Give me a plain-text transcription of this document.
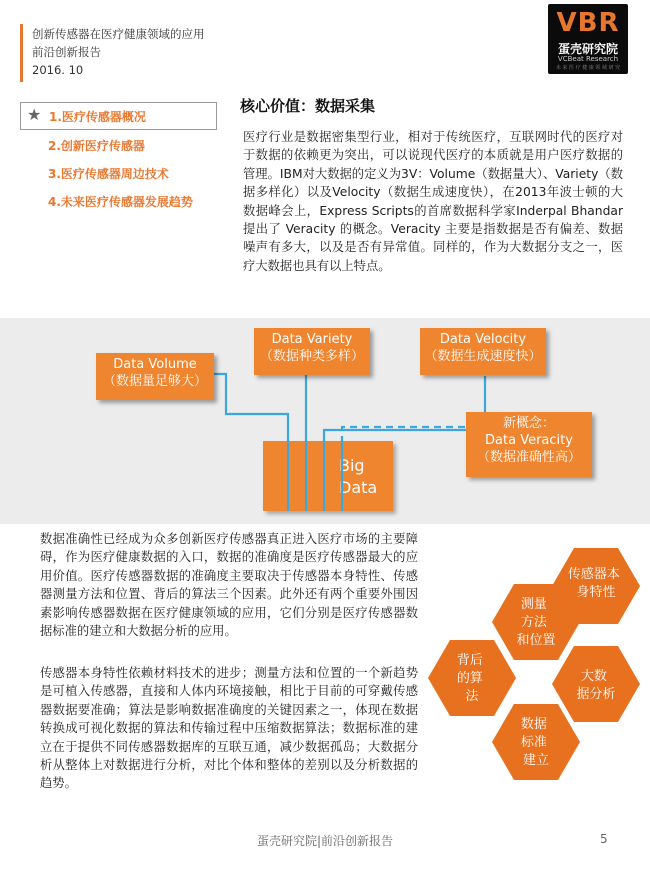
创新传感器在医疗健康领域的应用
前沿创新报告
2016. 10
VBR
蛋壳研究院
VCBeat Research
未 来 医 疗 健 康 领 域 研 究
★ 1.医疗传感器概况
2.创新医疗传感器
3.医疗传感器周边技术
4.未来医疗传感器发展趋势
核心价值：数据采集
医疗行业是数据密集型行业，相对于传统医疗，互联网时代的医疗对于数据的依赖更为突出，可以说现代医疗的本质就是用户医疗数据的管理。IBM对大数据的定义为3V：Volume（数据量大）、Variety（数据多样化）以及Velocity（数据生成速度快），在2013年波士顿的大数据峰会上，Express Scripts的首席数据科学家Inderpal Bhandar 提出了 Veracity 的概念。Veracity 主要是指数据是否有偏差、数据噪声有多大，以及是否有异常值。同样的，作为大数据分支之一，医疗大数据也具有以上特点。
Big
Data
Data Volume
（数据量足够大）
Data Variety
（数据种类多样）
Data Velocity
（数据生成速度快）
新概念：
Data Veracity
（数据准确性高）
数据准确性已经成为众多创新医疗传感器真正进入医疗市场的主要障碍，作为医疗健康数据的入口，数据的准确度是医疗传感器最大的应用价值。医疗传感器数据的准确度主要取决于传感器本身特性、传感器测量方法和位置、背后的算法三个因素。此外还有两个重要外围因素影响传感器数据在医疗健康领域的应用，它们分别是医疗传感器数据标准的建立和大数据分析的应用。
传感器本身特性依赖材料技术的进步；测量方法和位置的一个新趋势是可植入传感器，直接和人体内环境接触，相比于目前的可穿戴传感器数据要准确；算法是影响数据准确度的关键因素之一，体现在数据转换成可视化数据的算法和传输过程中压缩数据算法；数据标准的建立在于提供不同传感器数据库的互联互通，减少数据孤岛；大数据分析从整体上对数据进行分析，对比个体和整体的差别以及分析数据的趋势。
传感器本 身特性
测量 方法 和位置
背后 的算 法
大数 据分析
数据 标准 建立
蛋壳研究院|前沿创新报告	5
